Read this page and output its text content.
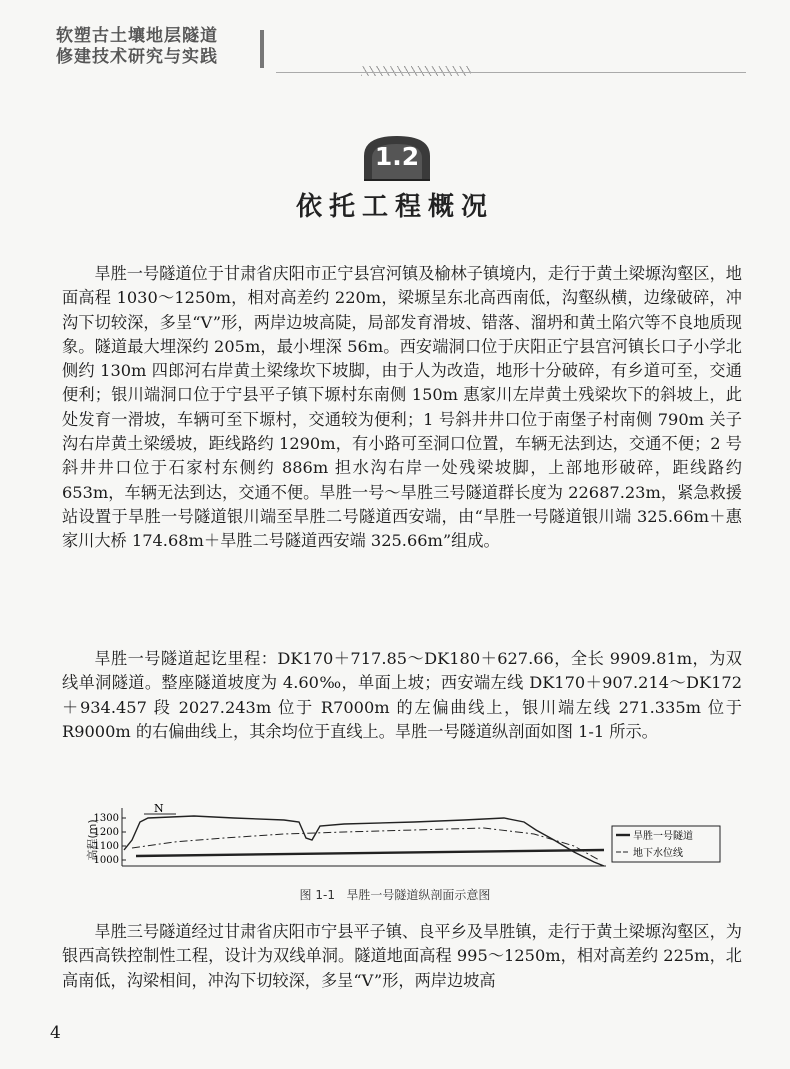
软塑古土壤地层隧道
修建技术研究与实践
1.2
依托工程概况

旱胜一号隧道位于甘肃省庆阳市正宁县宫河镇及榆林子镇境内，走行于黄土梁塬沟壑区，地面高程 1030～1250m，相对高差约 220m，梁塬呈东北高西南低，沟壑纵横，边缘破碎，冲沟下切较深，多呈“V”形，两岸边坡高陡，局部发育滑坡、错落、溜坍和黄土陷穴等不良地质现象。隧道最大埋深约 205m，最小埋深 56m。西安端洞口位于庆阳正宁县宫河镇长口子小学北侧约 130m 四郎河右岸黄土梁缘坎下坡脚，由于人为改造，地形十分破碎，有乡道可至，交通便利；银川端洞口位于宁县平子镇下塬村东南侧 150m 惠家川左岸黄土残梁坎下的斜坡上，此处发育一滑坡，车辆可至下塬村，交通较为便利；1 号斜井井口位于南堡子村南侧 790m 关子沟右岸黄土梁缓坡，距线路约 1290m，有小路可至洞口位置，车辆无法到达，交通不便；2 号斜井井口位于石家村东侧约 886m 担水沟右岸一处残梁坡脚，上部地形破碎，距线路约 653m，车辆无法到达，交通不便。旱胜一号～旱胜三号隧道群长度为 22687.23m，紧急救援站设置于旱胜一号隧道银川端至旱胜二号隧道西安端，由“旱胜一号隧道银川端 325.66m＋惠家川大桥 174.68m＋旱胜二号隧道西安端 325.66m”组成。

旱胜一号隧道起讫里程：DK170＋717.85～DK180＋627.66，全长 9909.81m，为双线单洞隧道。整座隧道坡度为 4.60‰，单面上坡；西安端左线 DK170＋907.214～DK172＋934.457 段 2027.243m 位于 R7000m 的左偏曲线上，银川端左线 271.335m 位于 R9000m 的右偏曲线上，其余均位于直线上。旱胜一号隧道纵剖面如图 1-1 所示。

高程(m)
1300
1200
1100
1000
N
旱胜一号隧道
地下水位线
图 1-1 旱胜一号隧道纵剖面示意图

旱胜三号隧道经过甘肃省庆阳市宁县平子镇、良平乡及旱胜镇，走行于黄土梁塬沟壑区，为银西高铁控制性工程，设计为双线单洞。隧道地面高程 995～1250m，相对高差约 225m，北高南低，沟梁相间，冲沟下切较深，多呈“V”形，两岸边坡高

4
